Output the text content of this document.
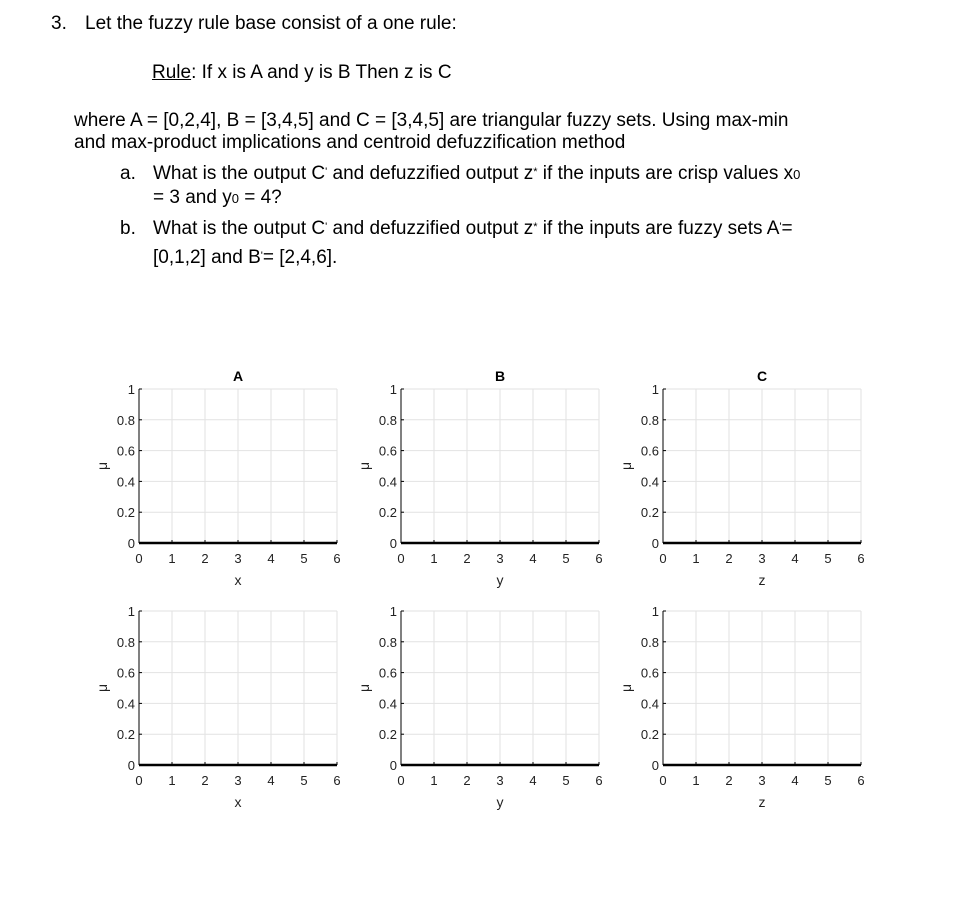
3. Let the fuzzy rule base consist of a one rule:
Rule: If x is A and y is B Then z is C
where A = [0,2,4], B = [3,4,5] and C = [3,4,5] are triangular fuzzy sets. Using max-min
and max-product implications and centroid defuzzification method
a. What is the output C' and defuzzified output z* if the inputs are crisp values x0
= 3 and y0 = 4?
b. What is the output C' and defuzzified output z* if the inputs are fuzzy sets A'=
[0,1,2] and B'= [2,4,6].
0 1 2 3 4 5 6
0
0.2
0.4
0.6
0.8
1
A
x
μ
0 1 2 3 4 5 6
0
0.2
0.4
0.6
0.8
1
B
y
μ
0 1 2 3 4 5 6
0
0.2
0.4
0.6
0.8
1
C
z
μ
0 1 2 3 4 5 6
0
0.2
0.4
0.6
0.8
1
x
μ
0 1 2 3 4 5 6
0
0.2
0.4
0.6
0.8
1
y
μ
0 1 2 3 4 5 6
0
0.2
0.4
0.6
0.8
1
z
μ
